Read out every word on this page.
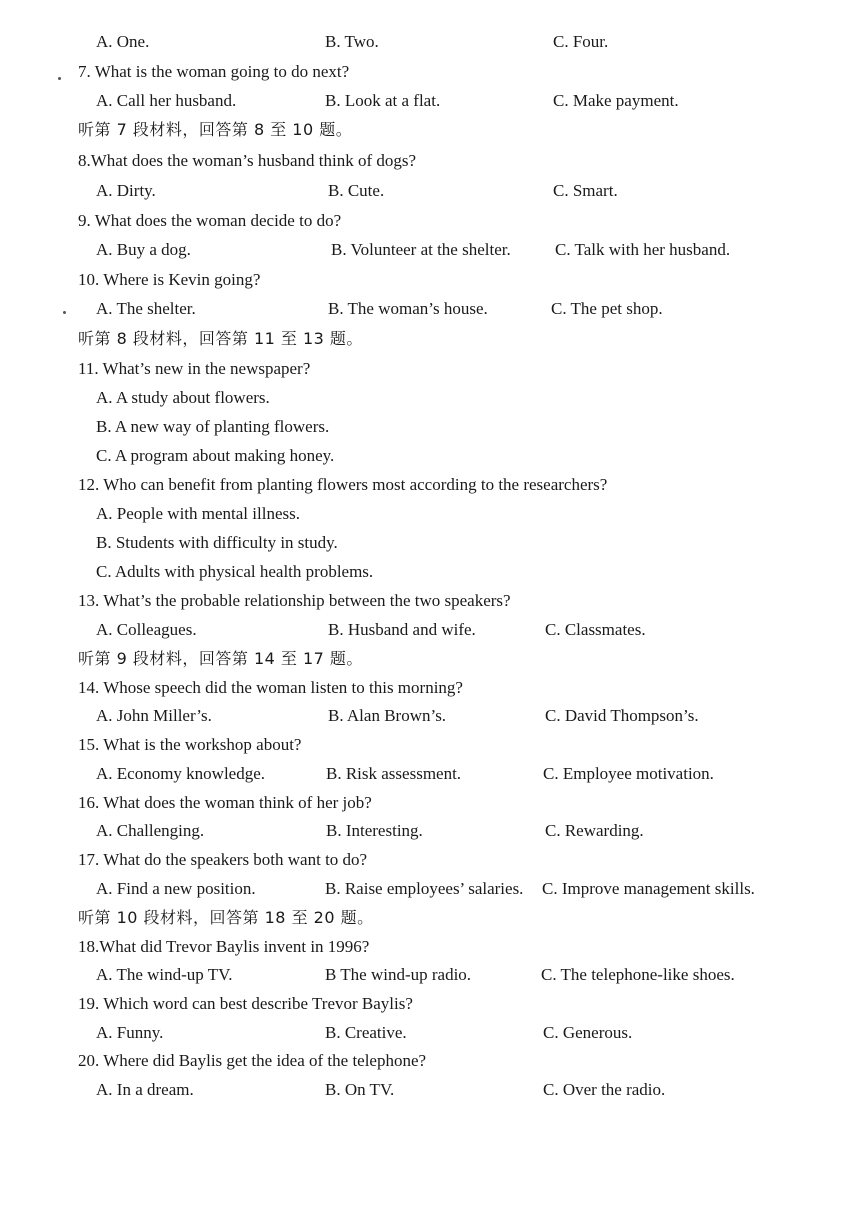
A. One.	B. Two.	C. Four.
7. What is the woman going to do next?
A. Call her husband.	B. Look at a flat.	C. Make payment.
听第 7 段材料，回答第 8 至 10 题。
8.What does the woman’s husband think of dogs?
A. Dirty.	B. Cute.	C. Smart.
9. What does the woman decide to do?
A. Buy a dog.	B. Volunteer at the shelter.	C. Talk with her husband.
10. Where is Kevin going?
A. The shelter.	B. The woman’s house.	C. The pet shop.
听第 8 段材料，回答第 11 至 13 题。
11. What’s new in the newspaper?
A. A study about flowers.
B. A new way of planting flowers.
C. A program about making honey.
12. Who can benefit from planting flowers most according to the researchers?
A. People with mental illness.
B. Students with difficulty in study.
C. Adults with physical health problems.
13. What’s the probable relationship between the two speakers?
A. Colleagues.	B. Husband and wife.	C. Classmates.
听第 9 段材料，回答第 14 至 17 题。
14. Whose speech did the woman listen to this morning?
A. John Miller’s.	B. Alan Brown’s.	C. David Thompson’s.
15. What is the workshop about?
A. Economy knowledge.	B. Risk assessment.	C. Employee motivation.
16. What does the woman think of her job?
A. Challenging.	B. Interesting.	C. Rewarding.
17. What do the speakers both want to do?
A. Find a new position.	B. Raise employees’ salaries. C. Improve management skills.
听第 10 段材料，回答第 18 至 20 题。
18.What did Trevor Baylis invent in 1996?
A. The wind-up TV.	B The wind-up radio.	C. The telephone-like shoes.
19. Which word can best describe Trevor Baylis?
A. Funny.	B. Creative.	C. Generous.
20. Where did Baylis get the idea of the telephone?
A. In a dream.	B. On TV.	C. Over the radio.
